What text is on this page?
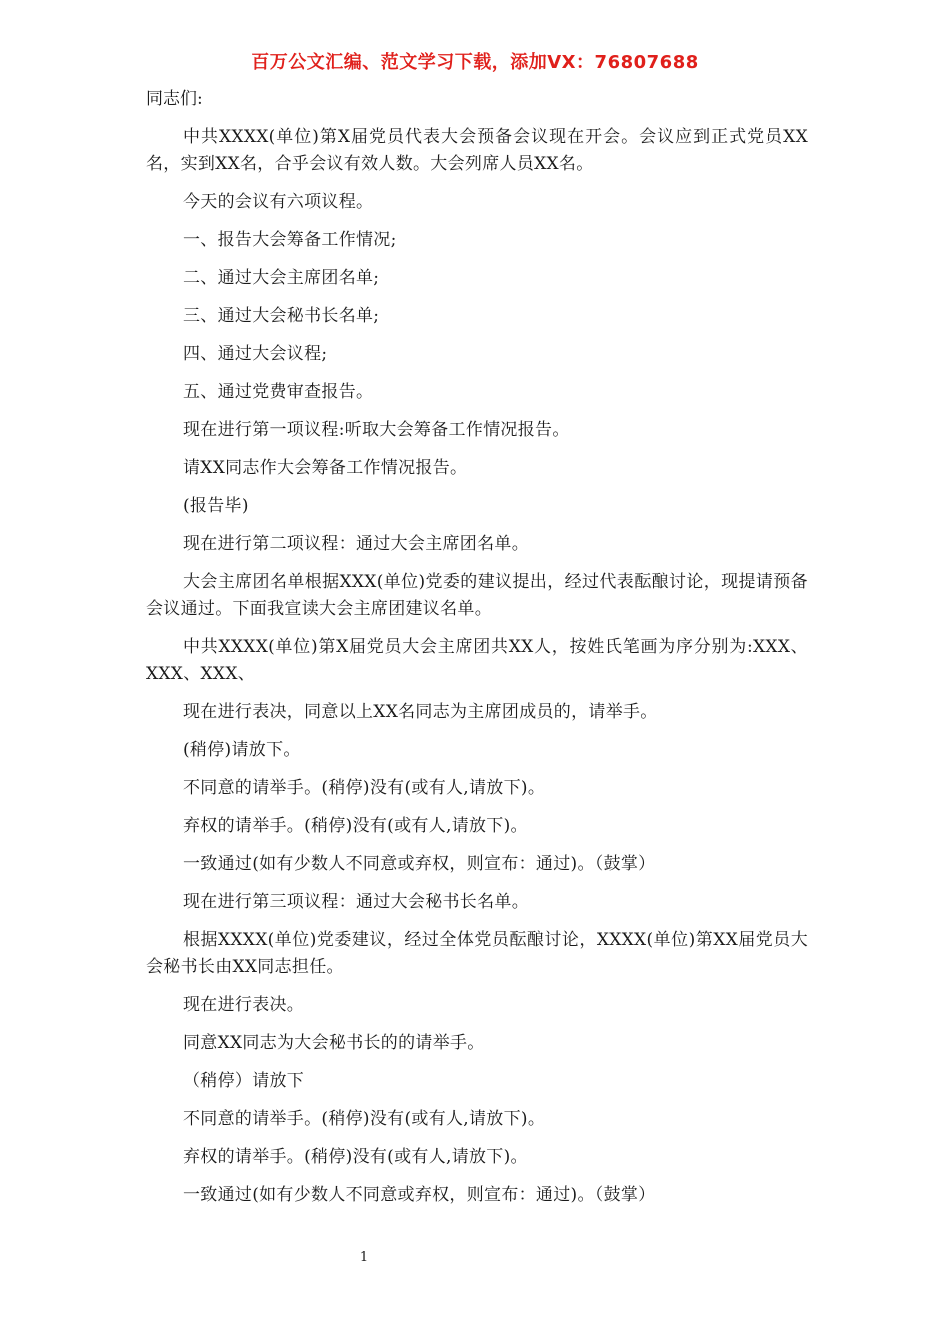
百万公文汇编、范文学习下载，添加VX：76807688

同志们:

中共XXXX(单位)第X届党员代表大会预备会议现在开会。会议应到正式党员XX名，实到XX名，合乎会议有效人数。大会列席人员XX名。

今天的会议有六项议程。

一、报告大会筹备工作情况;

二、通过大会主席团名单;

三、通过大会秘书长名单;

四、通过大会议程;

五、通过党费审查报告。

现在进行第一项议程:听取大会筹备工作情况报告。

请XX同志作大会筹备工作情况报告。

(报告毕)

现在进行第二项议程：通过大会主席团名单。

大会主席团名单根据XXX(单位)党委的建议提出，经过代表酝酿讨论，现提请预备会议通过。下面我宣读大会主席团建议名单。

中共XXXX(单位)第X届党员大会主席团共XX人，按姓氏笔画为序分别为:XXX、XXX、XXX、

现在进行表决，同意以上XX名同志为主席团成员的，请举手。

(稍停)请放下。

不同意的请举手。(稍停)没有(或有人,请放下)。

弃权的请举手。(稍停)没有(或有人,请放下)。

一致通过(如有少数人不同意或弃权，则宣布：通过)。（鼓掌）

现在进行第三项议程：通过大会秘书长名单。

根据XXXX(单位)党委建议，经过全体党员酝酿讨论，XXXX(单位)第XX届党员大会秘书长由XX同志担任。

现在进行表决。

同意XX同志为大会秘书长的的请举手。

（稍停）请放下

不同意的请举手。(稍停)没有(或有人,请放下)。

弃权的请举手。(稍停)没有(或有人,请放下)。

一致通过(如有少数人不同意或弃权，则宣布：通过)。（鼓掌）

1
